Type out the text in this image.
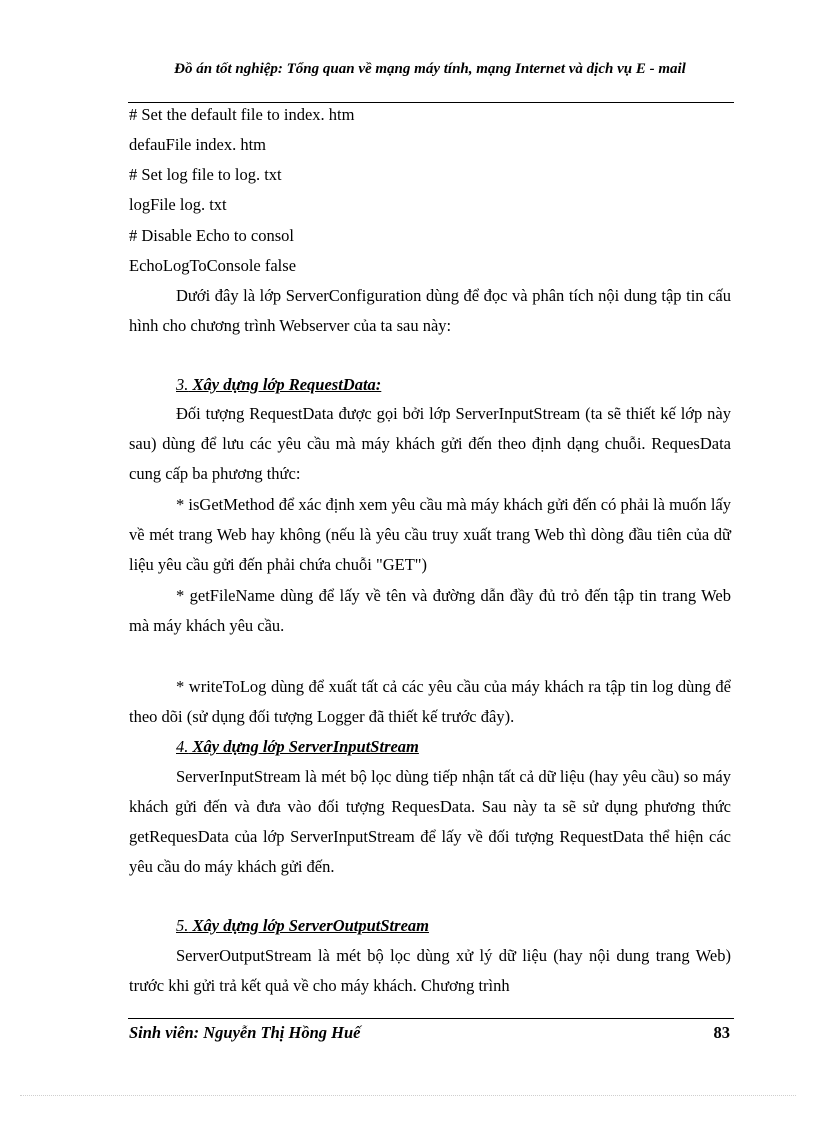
Đồ án tốt nghiệp: Tổng quan về mạng máy tính, mạng Internet và dịch vụ E - mail
# Set the default file to index. htm
defauFile index. htm
# Set log file to log. txt
logFile log. txt
# Disable Echo to consol
EchoLogToConsole false
Dưới đây là lớp ServerConfiguration dùng để đọc và phân tích nội dung tập tin cấu hình cho chương trình Webserver của ta sau này:
3. Xây dựng lớp RequestData:
Đối tượng RequestData được gọi bởi lớp ServerInputStream (ta sẽ thiết kế lớp này sau) dùng để lưu các yêu cầu mà máy khách gửi đến theo định dạng chuỗi. RequesData cung cấp ba phương thức:
* isGetMethod để xác định xem yêu cầu mà máy khách gửi đến có phải là muốn lấy về mét trang Web hay không (nếu là yêu cầu truy xuất trang Web thì dòng đầu tiên của dữ liệu yêu cầu gửi đến phải chứa chuỗi "GET")
* getFileName dùng để lấy về tên và đường dẫn đầy đủ trỏ đến tập tin trang Web mà máy khách yêu cầu.
* writeToLog dùng để xuất tất cả các yêu cầu của máy khách ra tập tin log dùng để theo dõi (sử dụng đối tượng Logger đã thiết kế trước đây).
4. Xây dựng lớp ServerInputStream
ServerInputStream là mét bộ lọc dùng tiếp nhận tất cả dữ liệu (hay yêu cầu) so máy khách gửi đến và đưa vào đối tượng RequesData. Sau này ta sẽ sử dụng phương thức getRequesData của lớp ServerInputStream để lấy về đối tượng RequestData thể hiện các yêu cầu do máy khách gửi đến.
5. Xây dựng lớp ServerOutputStream
ServerOutputStream là mét bộ lọc dùng xử lý dữ liệu (hay nội dung trang Web) trước khi gửi trả kết quả về cho máy khách. Chương trình
Sinh viên: Nguyễn Thị Hồng Huế	83
